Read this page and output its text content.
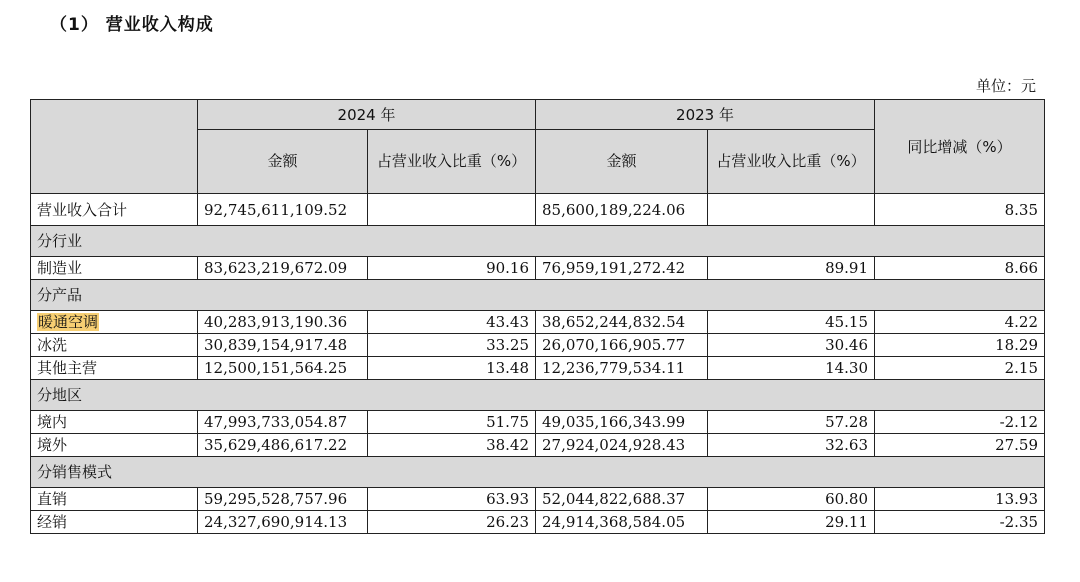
（1） 营业收入构成
单位：元
	2024 年		2023 年		同比增减（%）
	金额	占营业收入比重（%）	金额	占营业收入比重（%）	
营业收入合计	92,745,611,109.52		85,600,189,224.06		8.35
分行业					
制造业	83,623,219,672.09	90.16	76,959,191,272.42	89.91	8.66
分产品					
暖通空调	40,283,913,190.36	43.43	38,652,244,832.54	45.15	4.22
冰洗	30,839,154,917.48	33.25	26,070,166,905.77	30.46	18.29
其他主营	12,500,151,564.25	13.48	12,236,779,534.11	14.30	2.15
分地区					
境内	47,993,733,054.87	51.75	49,035,166,343.99	57.28	-2.12
境外	35,629,486,617.22	38.42	27,924,024,928.43	32.63	27.59
分销售模式					
直销	59,295,528,757.96	63.93	52,044,822,688.37	60.80	13.93
经销	24,327,690,914.13	26.23	24,914,368,584.05	29.11	-2.35
